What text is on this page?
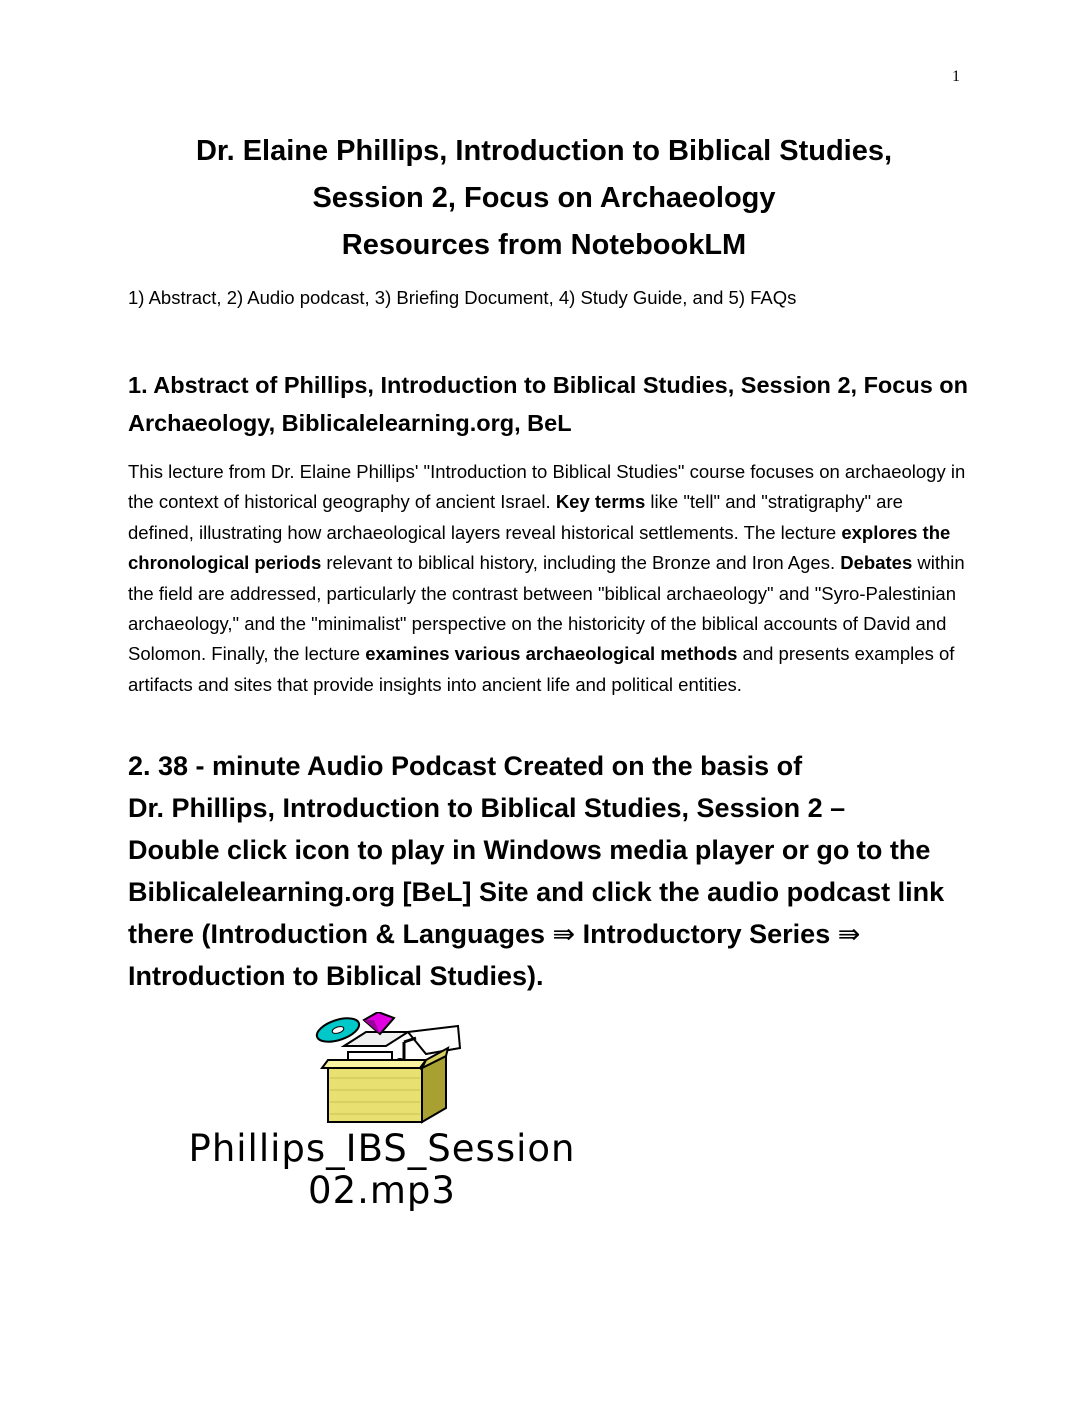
1
Dr. Elaine Phillips, Introduction to Biblical Studies,
Session 2, Focus on Archaeology
Resources from NotebookLM
1) Abstract, 2) Audio podcast, 3) Briefing Document, 4) Study Guide, and 5) FAQs
1. Abstract of Phillips, Introduction to Biblical Studies, Session 2, Focus on Archaeology, Biblicalelearning.org, BeL
This lecture from Dr. Elaine Phillips' "Introduction to Biblical Studies" course focuses on archaeology in the context of historical geography of ancient Israel. Key terms like "tell" and "stratigraphy" are defined, illustrating how archaeological layers reveal historical settlements. The lecture explores the chronological periods relevant to biblical history, including the Bronze and Iron Ages. Debates within the field are addressed, particularly the contrast between "biblical archaeology" and "Syro-Palestinian archaeology," and the "minimalist" perspective on the historicity of the biblical accounts of David and Solomon. Finally, the lecture examines various archaeological methods and presents examples of artifacts and sites that provide insights into ancient life and political entities.
2. 38 - minute Audio Podcast Created on the basis of
Dr. Phillips, Introduction to Biblical Studies, Session 2 –
Double click icon to play in Windows media player or go to the Biblicalelearning.org [BeL] Site and click the audio podcast link there (Introduction & Languages ⇛ Introductory Series ⇛ Introduction to Biblical Studies).
Phillips_IBS_Session
02.mp3
